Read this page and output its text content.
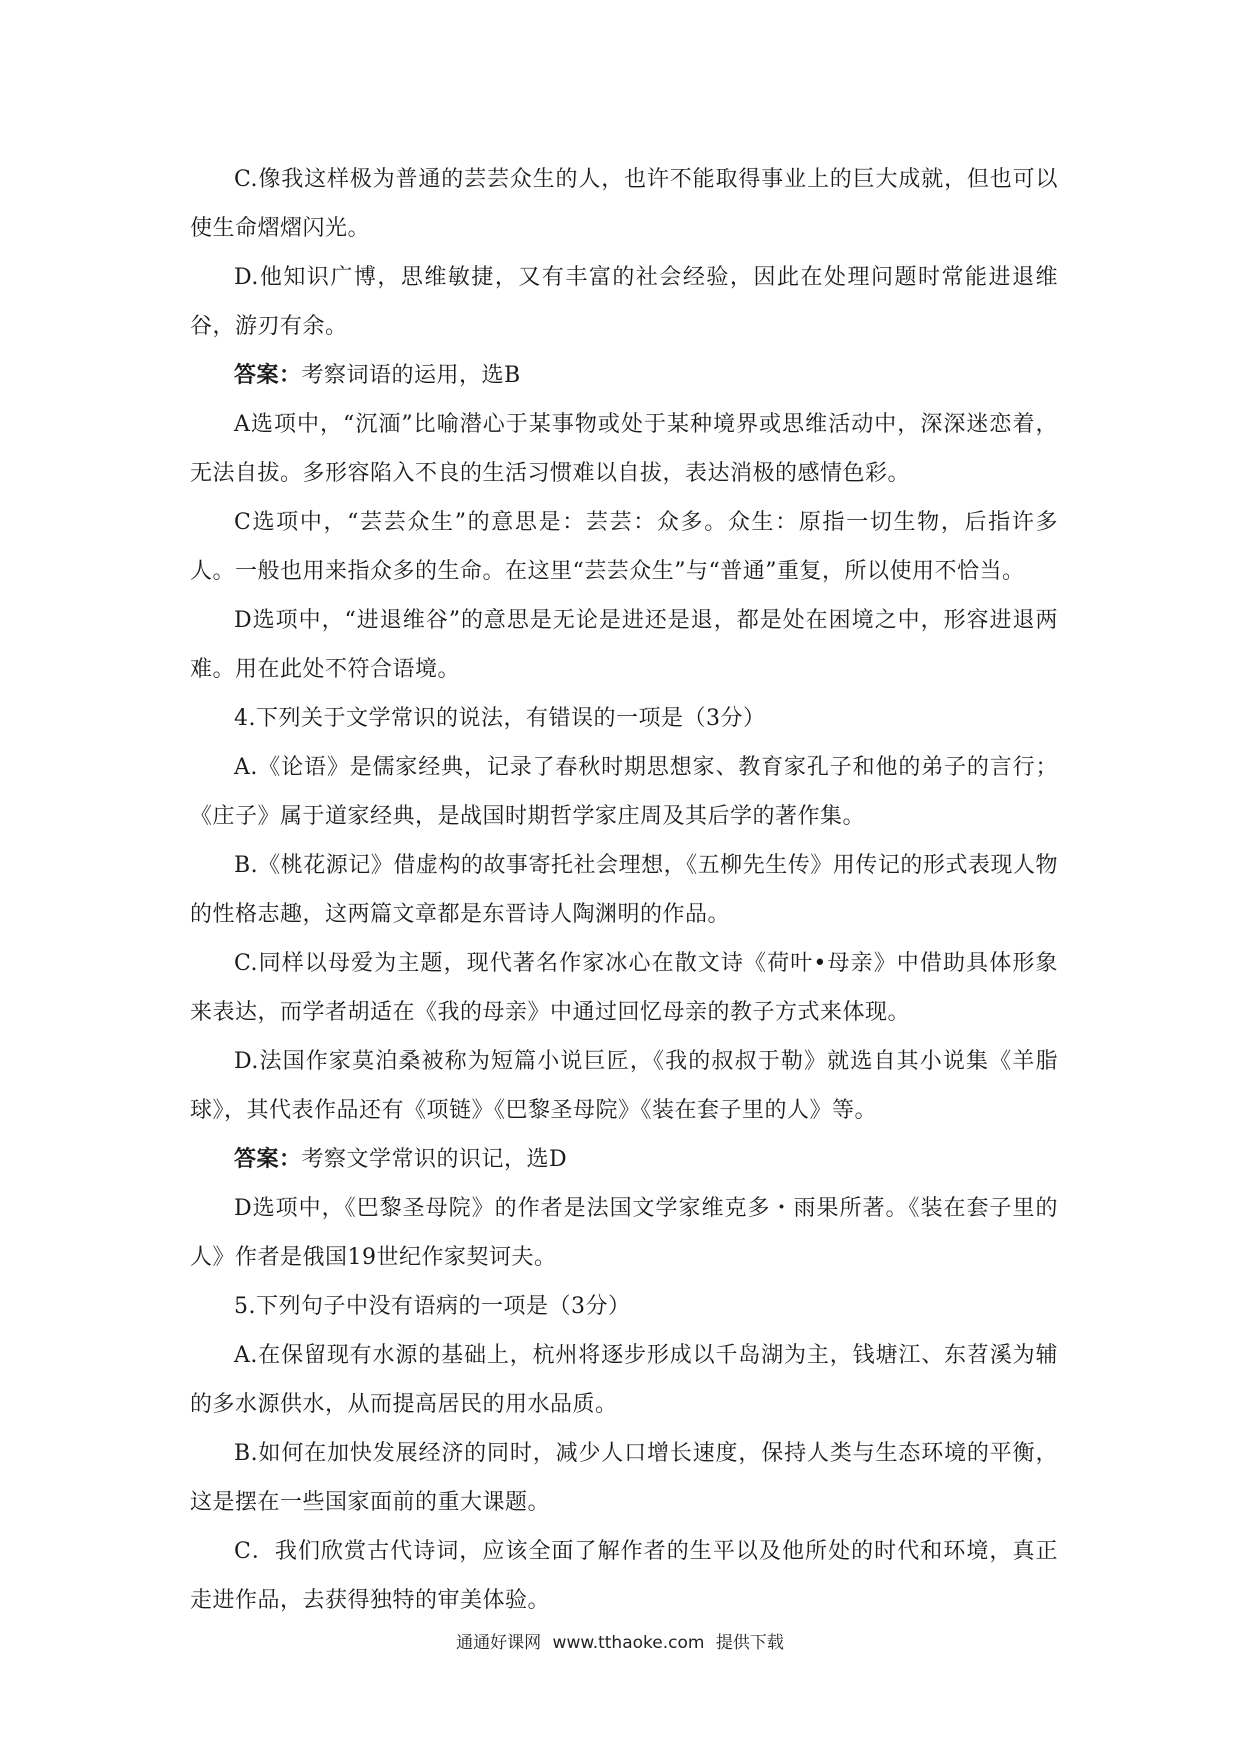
C.像我这样极为普通的芸芸众生的人，也许不能取得事业上的巨大成就，但也可以使生命熠熠闪光。

D.他知识广博，思维敏捷，又有丰富的社会经验，因此在处理问题时常能进退维谷，游刃有余。

答案：考察词语的运用，选B

A选项中，“沉湎”比喻潜心于某事物或处于某种境界或思维活动中，深深迷恋着，无法自拔。多形容陷入不良的生活习惯难以自拔，表达消极的感情色彩。

C选项中，“芸芸众生”的意思是：芸芸：众多。众生：原指一切生物，后指许多人。一般也用来指众多的生命。在这里“芸芸众生”与“普通”重复，所以使用不恰当。

D选项中，“进退维谷”的意思是无论是进还是退，都是处在困境之中，形容进退两难。用在此处不符合语境。

4.下列关于文学常识的说法，有错误的一项是（3分）

A.《论语》是儒家经典，记录了春秋时期思想家、教育家孔子和他的弟子的言行；《庄子》属于道家经典，是战国时期哲学家庄周及其后学的著作集。

B.《桃花源记》借虚构的故事寄托社会理想，《五柳先生传》用传记的形式表现人物的性格志趣，这两篇文章都是东晋诗人陶渊明的作品。

C.同样以母爱为主题，现代著名作家冰心在散文诗《荷叶•母亲》中借助具体形象来表达，而学者胡适在《我的母亲》中通过回忆母亲的教子方式来体现。

D.法国作家莫泊桑被称为短篇小说巨匠，《我的叔叔于勒》就选自其小说集《羊脂球》，其代表作品还有《项链》《巴黎圣母院》《装在套子里的人》等。

答案：考察文学常识的识记，选D

D选项中，《巴黎圣母院》的作者是法国文学家维克多・雨果所著。《装在套子里的人》作者是俄国19世纪作家契诃夫。

5.下列句子中没有语病的一项是（3分）

A.在保留现有水源的基础上，杭州将逐步形成以千岛湖为主，钱塘江、东苕溪为辅的多水源供水，从而提高居民的用水品质。

B.如何在加快发展经济的同时，减少人口增长速度，保持人类与生态环境的平衡，这是摆在一些国家面前的重大课题。

C．我们欣赏古代诗词，应该全面了解作者的生平以及他所处的时代和环境，真正走进作品，去获得独特的审美体验。

通通好课网 www.tthaoke.com 提供下载
